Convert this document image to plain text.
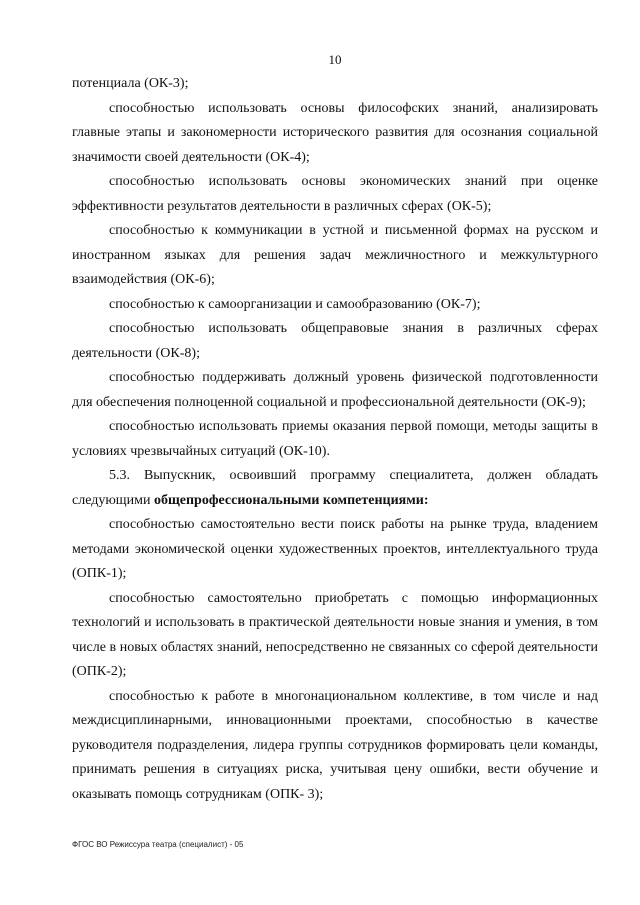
10

потенциала (ОК-3);

способностью использовать основы философских знаний, анализировать главные этапы и закономерности исторического развития для осознания социальной значимости своей деятельности (ОК-4);

способностью использовать основы экономических знаний при оценке эффективности результатов деятельности в различных сферах (ОК-5);

способностью к коммуникации в устной и письменной формах на русском и иностранном языках для решения задач межличностного и межкультурного взаимодействия (ОК-6);

способностью к самоорганизации и самообразованию (ОК-7);

способностью использовать общеправовые знания в различных сферах деятельности (ОК-8);

способностью поддерживать должный уровень физической подготовленности для обеспечения полноценной социальной и профессиональной деятельности (ОК-9);

способностью использовать приемы оказания первой помощи, методы защиты в условиях чрезвычайных ситуаций (ОК-10).

5.3. Выпускник, освоивший программу специалитета, должен обладать следующими общепрофессиональными компетенциями:

способностью самостоятельно вести поиск работы на рынке труда, владением методами экономической оценки художественных проектов, интеллектуального труда (ОПК-1);

способностью самостоятельно приобретать с помощью информационных технологий и использовать в практической деятельности новые знания и умения, в том числе в новых областях знаний, непосредственно не связанных со сферой деятельности (ОПК-2);

способностью к работе в многонациональном коллективе, в том числе и над междисциплинарными, инновационными проектами, способностью в качестве руководителя подразделения, лидера группы сотрудников формировать цели команды, принимать решения в ситуациях риска, учитывая цену ошибки, вести обучение и оказывать помощь сотрудникам (ОПК- 3);

ФГОС ВО Режиссура театра (специалист) - 05
